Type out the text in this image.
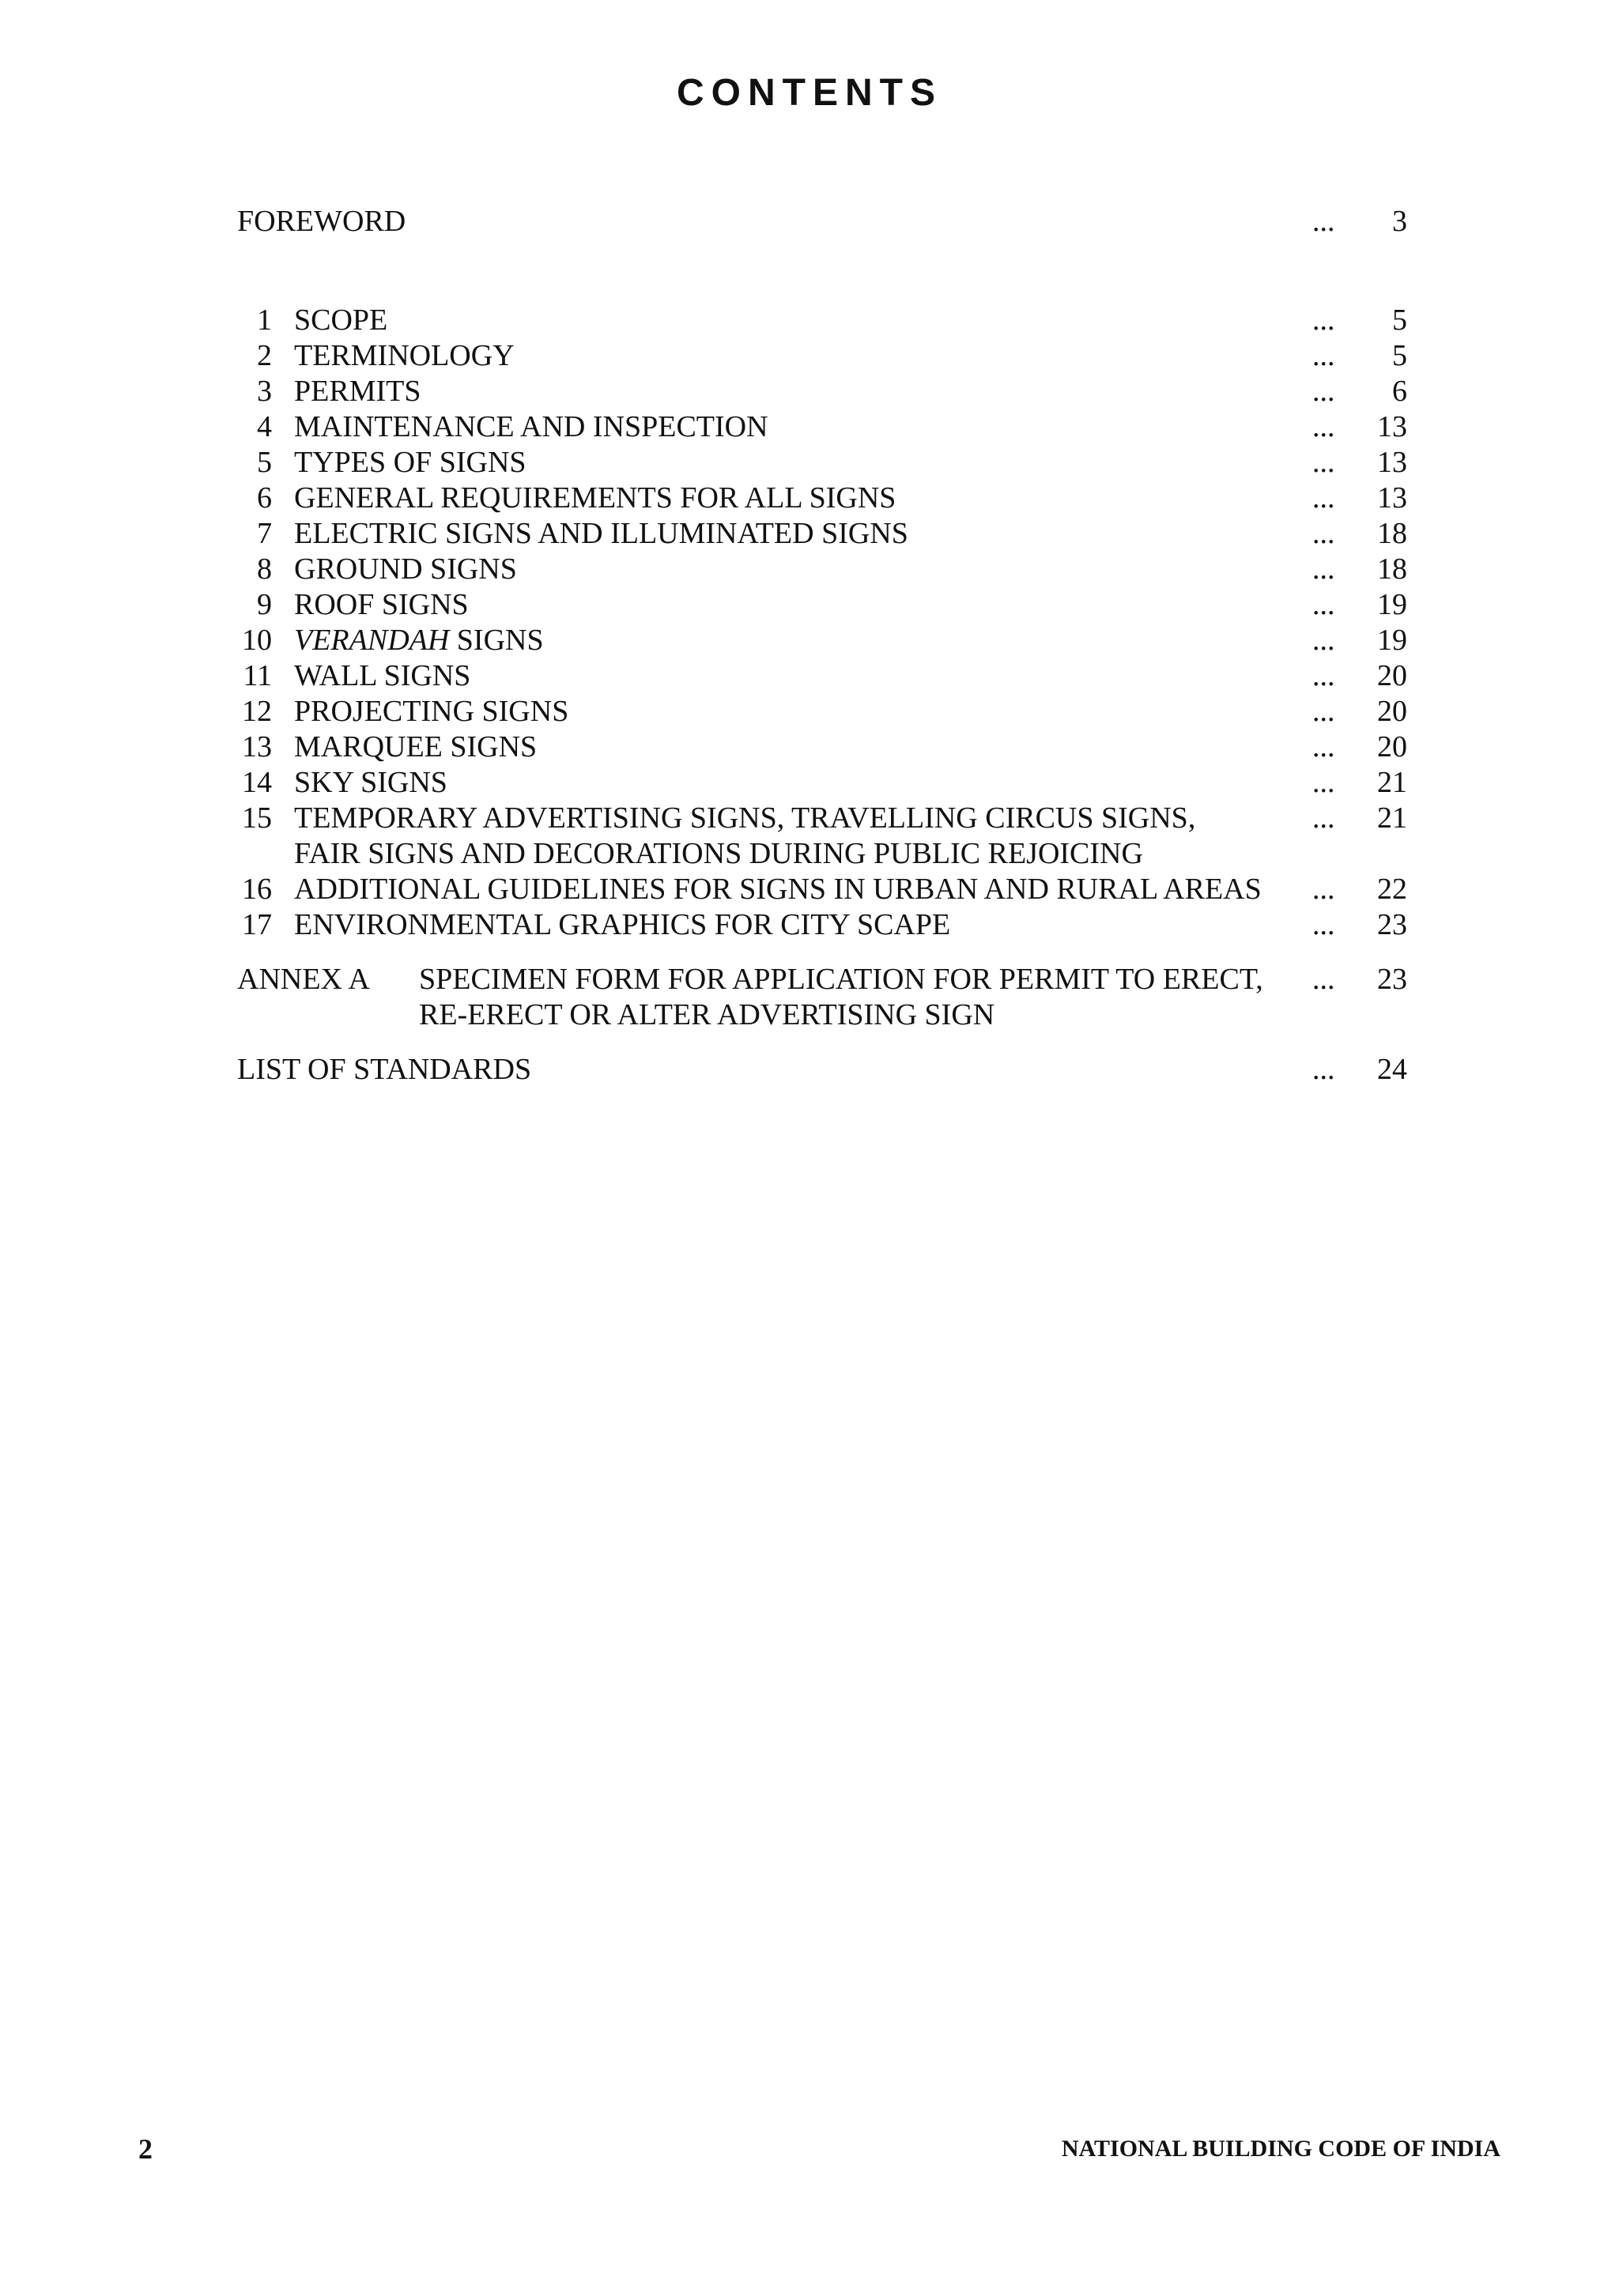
CONTENTS
FOREWORD	...	3
1 SCOPE	...	5
2 TERMINOLOGY	...	5
3 PERMITS	...	6
4 MAINTENANCE AND INSPECTION	...	13
5 TYPES OF SIGNS	...	13
6 GENERAL REQUIREMENTS FOR ALL SIGNS	...	13
7 ELECTRIC SIGNS AND ILLUMINATED SIGNS	...	18
8 GROUND SIGNS	...	18
9 ROOF SIGNS	...	19
10 VERANDAH SIGNS	...	19
11 WALL SIGNS	...	20
12 PROJECTING SIGNS	...	20
13 MARQUEE SIGNS	...	20
14 SKY SIGNS	...	21
15 TEMPORARY ADVERTISING SIGNS, TRAVELLING CIRCUS SIGNS,
FAIR SIGNS AND DECORATIONS DURING PUBLIC REJOICING
...	21
16 ADDITIONAL GUIDELINES FOR SIGNS IN URBAN AND RURAL AREAS	...	22
17 ENVIRONMENTAL GRAPHICS FOR CITY SCAPE	...	23
ANNEX A	SPECIMEN FORM FOR APPLICATION FOR PERMIT TO ERECT,
RE-ERECT OR ALTER ADVERTISING SIGN
...	23
LIST OF STANDARDS	...	24
2	NATIONAL BUILDING CODE OF INDIA
